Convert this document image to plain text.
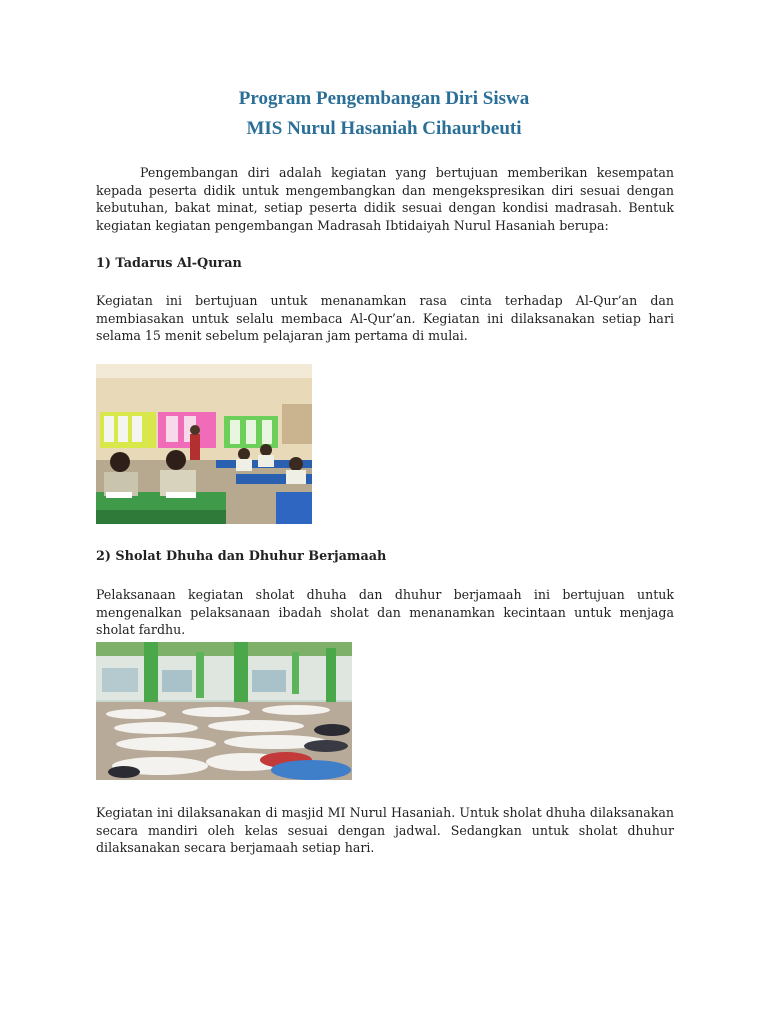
Program Pengembangan Diri Siswa
MIS Nurul Hasaniah Cihaurbeuti

Pengembangan diri adalah kegiatan yang bertujuan memberikan kesempatan kepada peserta didik untuk mengembangkan dan mengekspresikan diri sesuai dengan kebutuhan, bakat minat, setiap peserta didik sesuai dengan kondisi madrasah. Bentuk kegiatan kegiatan pengembangan Madrasah Ibtidaiyah Nurul Hasaniah berupa:

1) Tadarus Al-Quran

Kegiatan ini bertujuan untuk menanamkan rasa cinta terhadap Al-Qur’an dan membiasakan untuk selalu membaca Al-Qur’an. Kegiatan ini dilaksanakan setiap hari selama 15 menit sebelum pelajaran jam pertama di mulai.

2) Sholat Dhuha dan Dhuhur Berjamaah

Pelaksanaan kegiatan sholat dhuha dan dhuhur berjamaah ini bertujuan untuk mengenalkan pelaksanaan ibadah sholat dan menanamkan kecintaan untuk menjaga sholat fardhu.

Kegiatan ini dilaksanakan di masjid MI Nurul Hasaniah. Untuk sholat dhuha dilaksanakan secara mandiri oleh kelas sesuai dengan jadwal. Sedangkan untuk sholat dhuhur dilaksanakan secara berjamaah setiap hari.
